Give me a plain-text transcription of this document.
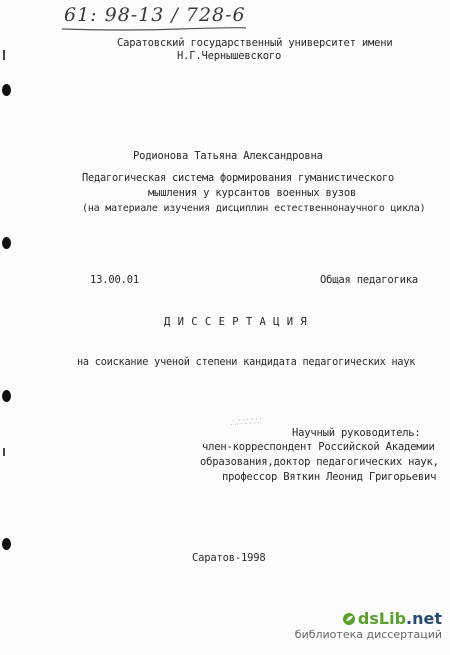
61: 98-13 / 728-6
Саратовский государственный университет имени
Н.Г.Чернышевского
Родионова Татьяна Александровна
Педагогическая система формирования гуманистического
мышления у курсантов военных вузов
(на материале изучения дисциплин естественнонаучного цикла)
13.00.01	Общая педагогика
Д И С С Е Р Т А Ц И Я
на соискание ученой степени кандидата педагогических наук
∴∴∵∴∵
Научный руководитель:
член-корреспондент Российской Академии
образования,доктор педагогических наук,
профессор Вяткин Леонид Григорьевич
Саратов-1998
dsLib.net
библиотека диссертаций
